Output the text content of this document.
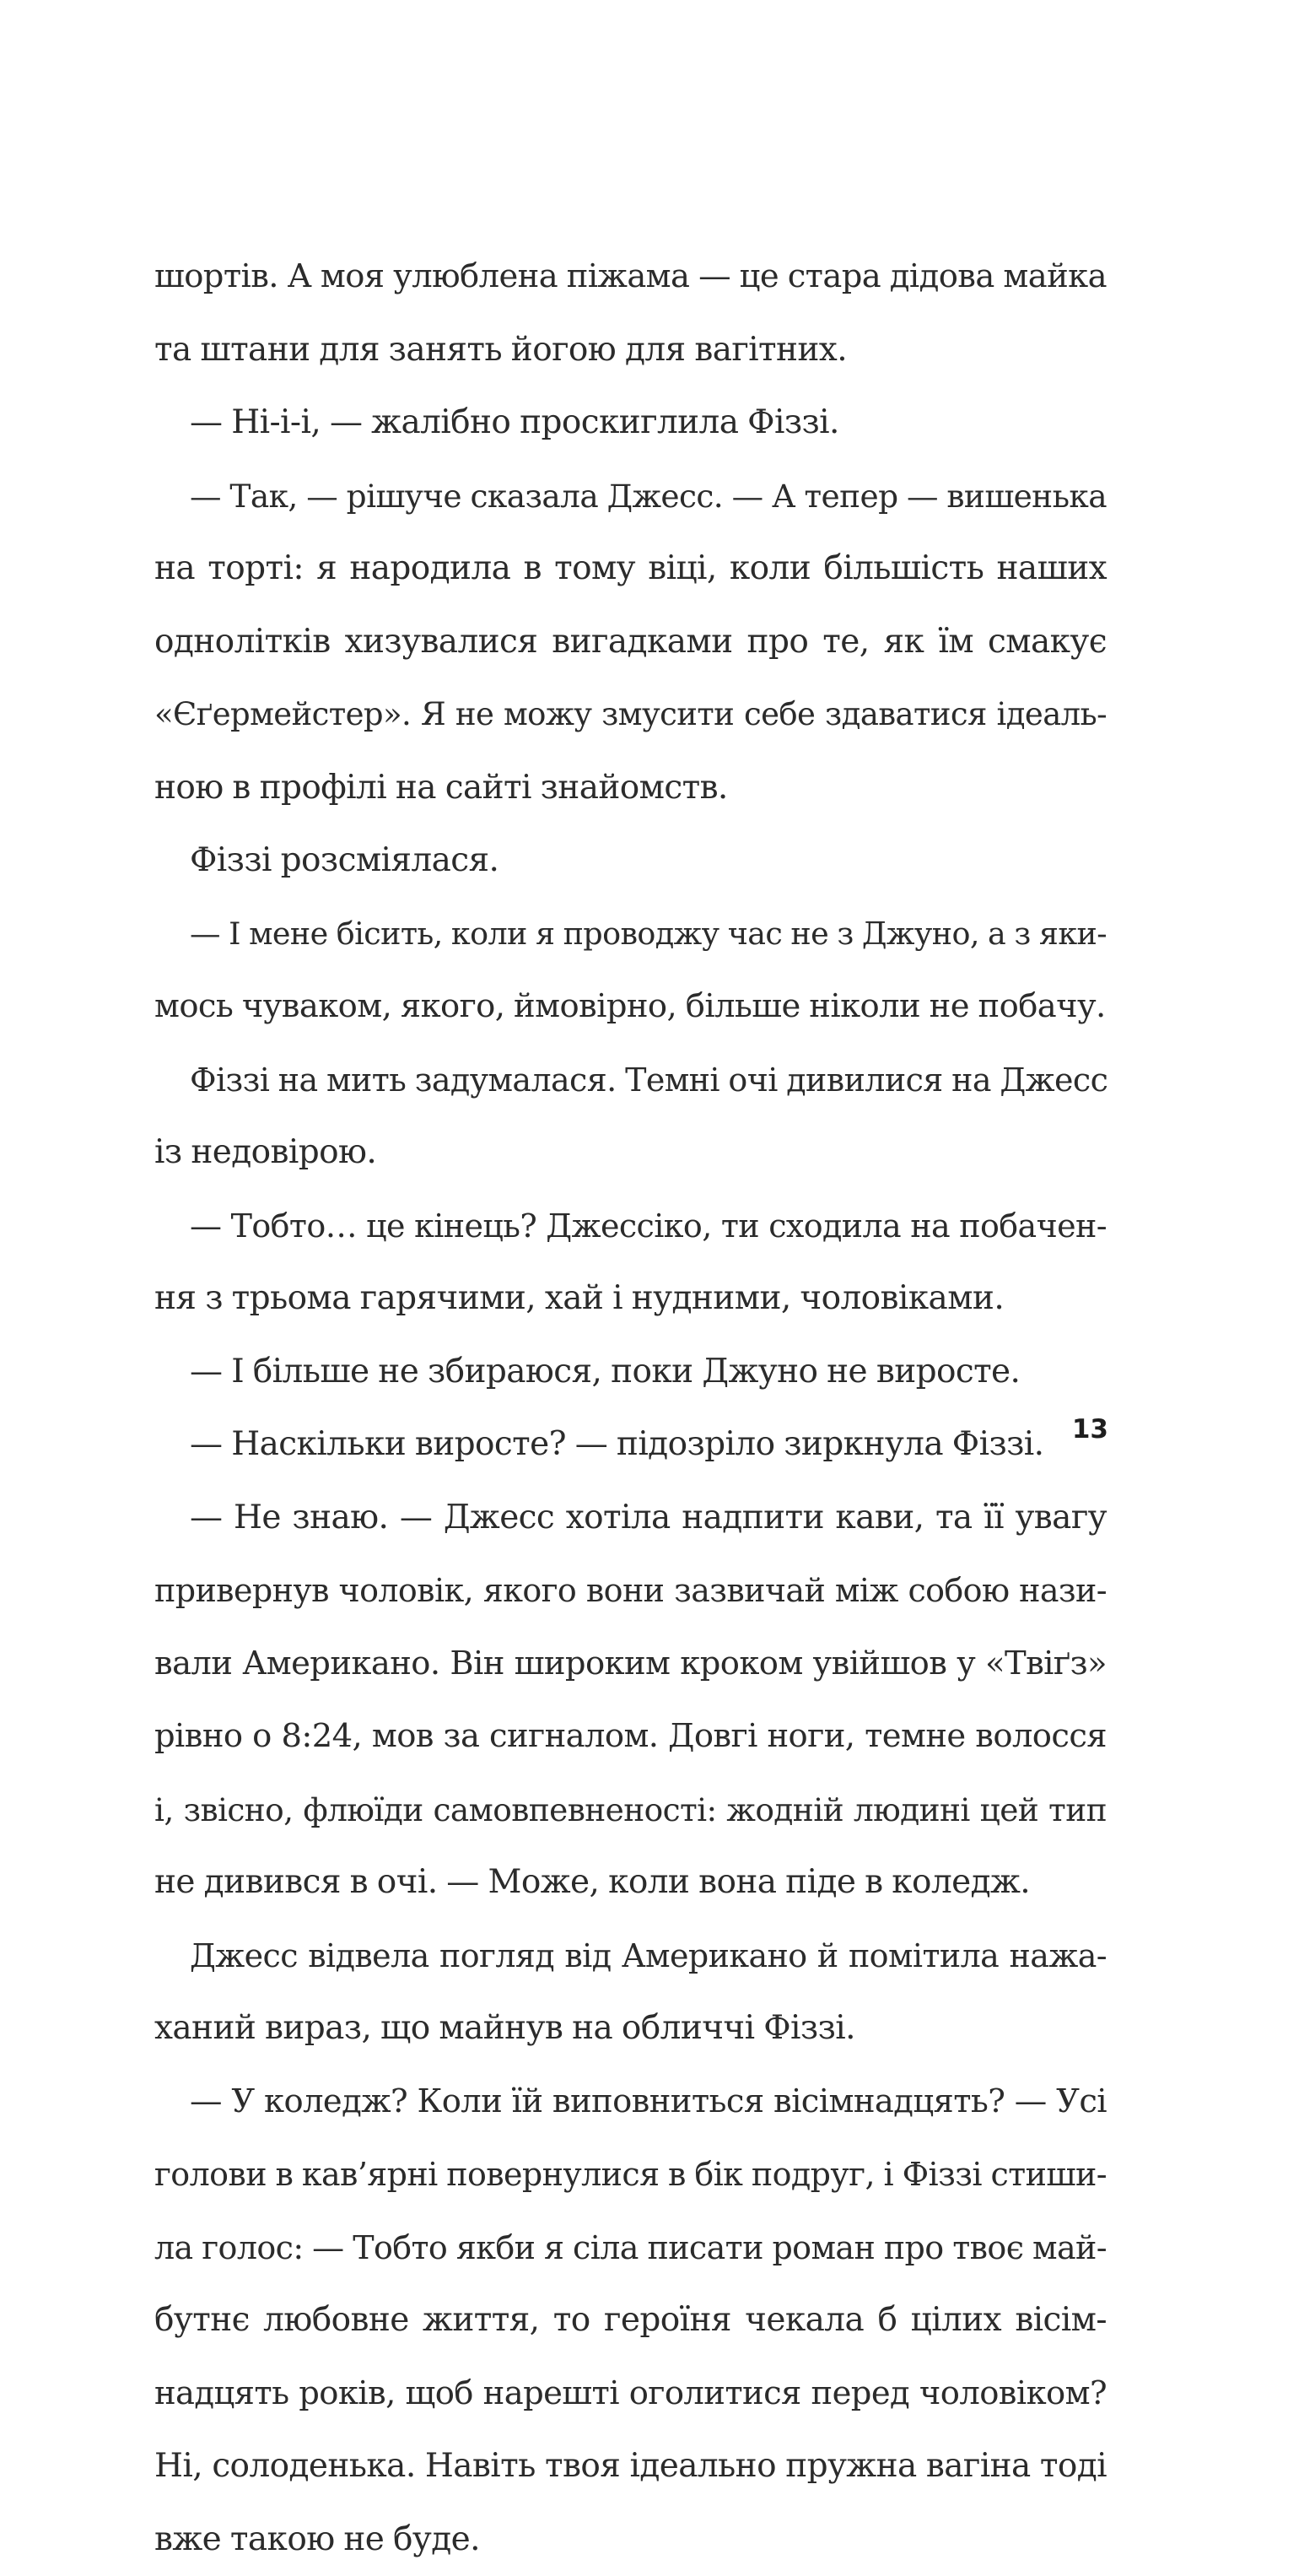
шортів. А моя улюблена піжама — це стара дідова майка
та штани для занять йогою для вагітних.
— Ні-і-і, — жалібно проскиглила Фіззі.
— Так, — рішуче сказала Джесс. — А тепер — вишенька
на торті: я народила в тому віці, коли більшість наших
однолітків хизувалися вигадками про те, як їм смакує
«Єґермейстер». Я не можу змусити себе здаватися ідеаль-
ною в профілі на сайті знайомств.
Фіззі розсміялася.
— І мене бісить, коли я проводжу час не з Джуно, а з яки-
мось чуваком, якого, ймовірно, більше ніколи не побачу.
Фіззі на мить задумалася. Темні очі дивилися на Джесс
із недовірою.
— Тобто… це кінець? Джессіко, ти сходила на побачен-
ня з трьома гарячими, хай і нудними, чоловіками.
— І більше не збираюся, поки Джуно не виросте.
— Наскільки виросте? — підозріло зиркнула Фіззі.
— Не знаю. — Джесс хотіла надпити кави, та її увагу
привернув чоловік, якого вони зазвичай між собою нази-
вали Американо. Він широким кроком увійшов у «Твіґз»
рівно о 8:24, мов за сигналом. Довгі ноги, темне волосся
і, звісно, флюїди самовпевненості: жодній людині цей тип
не дивився в очі. — Може, коли вона піде в коледж.
Джесс відвела погляд від Американо й помітила нажа-
ханий вираз, що майнув на обличчі Фіззі.
— У коледж? Коли їй виповниться вісімнадцять? — Усі
голови в кав’ярні повернулися в бік подруг, і Фіззі стиши-
ла голос: — Тобто якби я сіла писати роман про твоє май-
бутнє любовне життя, то героїня чекала б цілих вісім-
надцять років, щоб нарешті оголитися перед чоловіком?
Ні, солоденька. Навіть твоя ідеально пружна вагіна тоді
вже такою не буде.
13
